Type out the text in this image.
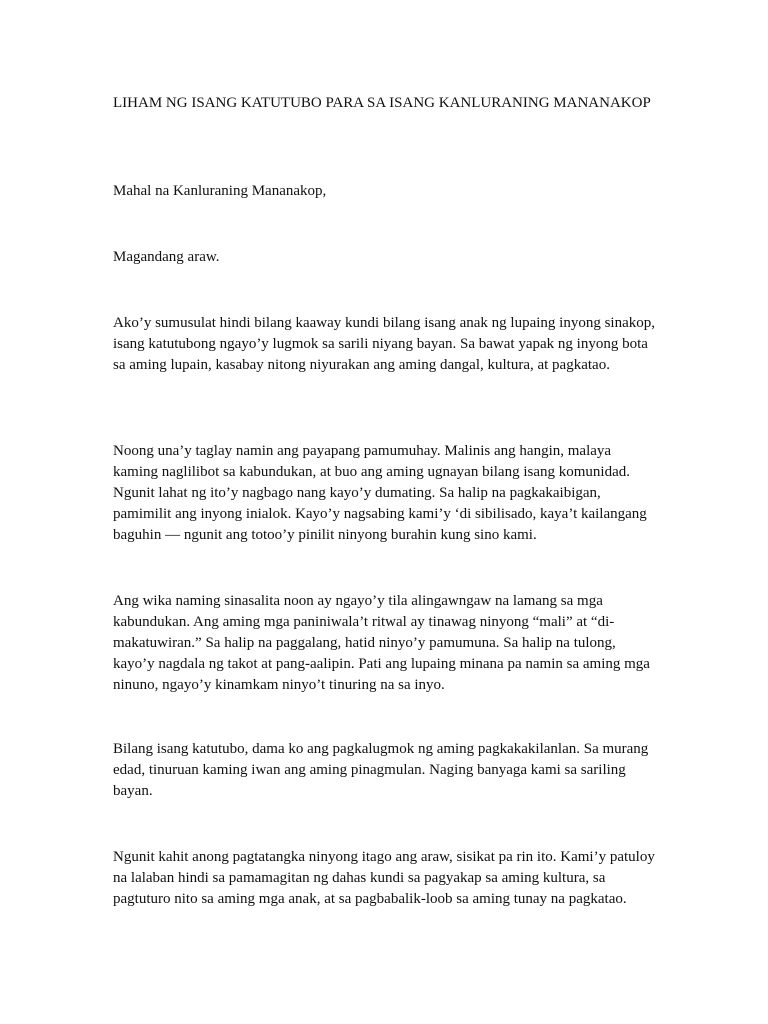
LIHAM NG ISANG KATUTUBO PARA SA ISANG KANLURANING MANANAKOP

Mahal na Kanluraning Mananakop,

Magandang araw.

Ako’y sumusulat hindi bilang kaaway kundi bilang isang anak ng lupaing inyong sinakop, isang katutubong ngayo’y lugmok sa sarili niyang bayan. Sa bawat yapak ng inyong bota sa aming lupain, kasabay nitong niyurakan ang aming dangal, kultura, at pagkatao.

Noong una’y taglay namin ang payapang pamumuhay. Malinis ang hangin, malaya kaming naglilibot sa kabundukan, at buo ang aming ugnayan bilang isang komunidad. Ngunit lahat ng ito’y nagbago nang kayo’y dumating. Sa halip na pagkakaibigan, pamimilit ang inyong inialok. Kayo’y nagsabing kami’y ‘di sibilisado, kaya’t kailangang baguhin — ngunit ang totoo’y pinilit ninyong burahin kung sino kami.

Ang wika naming sinasalita noon ay ngayo’y tila alingawngaw na lamang sa mga kabundukan. Ang aming mga paniniwala’t ritwal ay tinawag ninyong “mali” at “di-makatuwiran.” Sa halip na paggalang, hatid ninyo’y pamumuna. Sa halip na tulong, kayo’y nagdala ng takot at pang-aalipin. Pati ang lupaing minana pa namin sa aming mga ninuno, ngayo’y kinamkam ninyo’t tinuring na sa inyo.

Bilang isang katutubo, dama ko ang pagkalugmok ng aming pagkakakilanlan. Sa murang edad, tinuruan kaming iwan ang aming pinagmulan. Naging banyaga kami sa sariling bayan.

Ngunit kahit anong pagtatangka ninyong itago ang araw, sisikat pa rin ito. Kami’y patuloy na lalaban hindi sa pamamagitan ng dahas kundi sa pagyakap sa aming kultura, sa pagtuturo nito sa aming mga anak, at sa pagbabalik-loob sa aming tunay na pagkatao.
